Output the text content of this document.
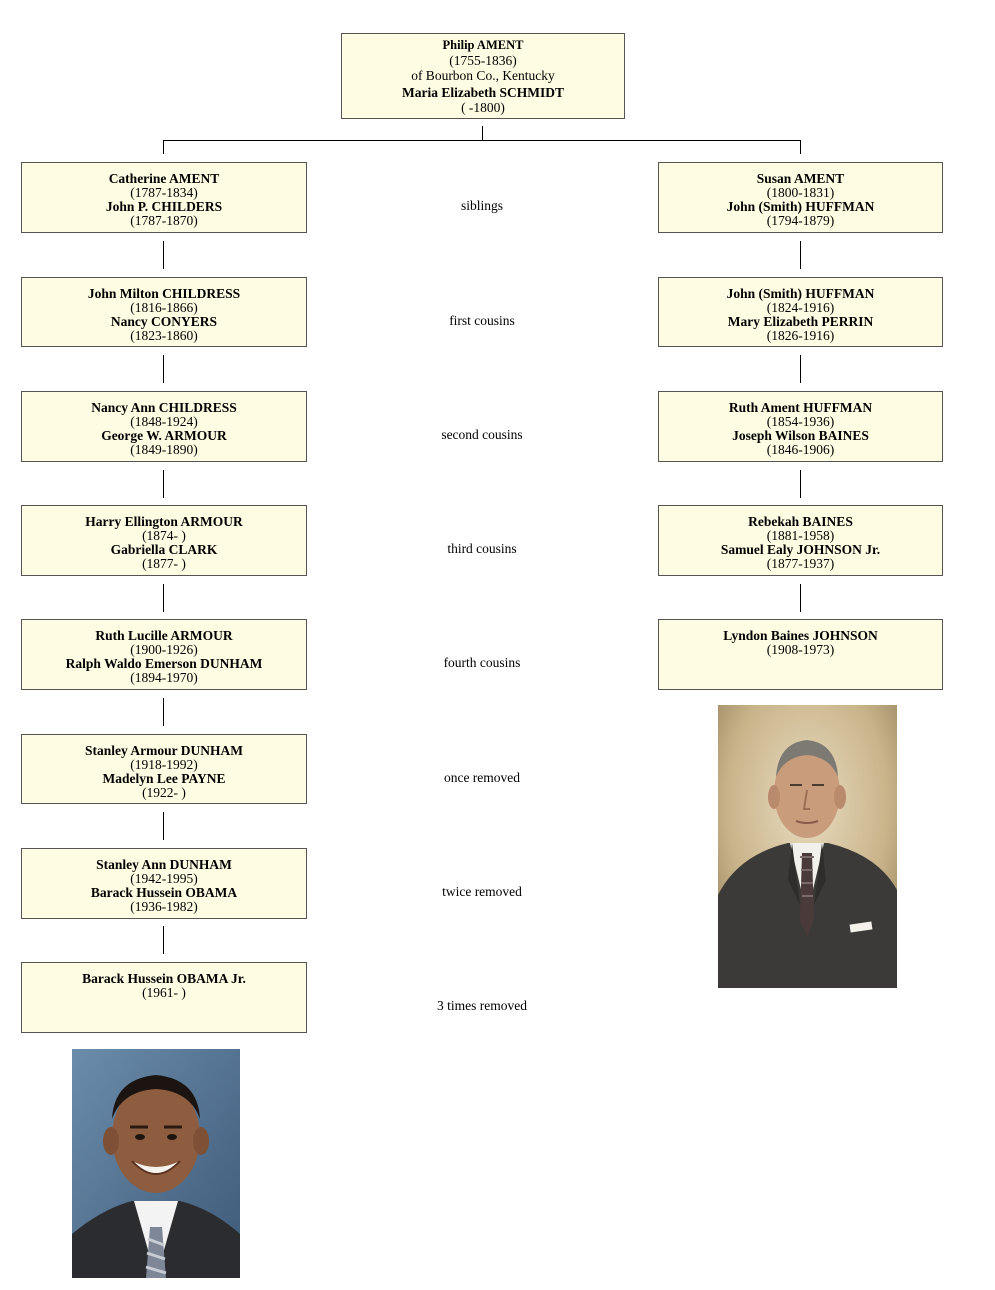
Philip AMENT
(1755-1836)
of Bourbon Co., Kentucky
Maria Elizabeth SCHMIDT
( -1800)
Catherine AMENT
(1787-1834)
John P. CHILDERS
(1787-1870)
John Milton CHILDRESS
(1816-1866)
Nancy CONYERS
(1823-1860)
Nancy Ann CHILDRESS
(1848-1924)
George W. ARMOUR
(1849-1890)
Harry Ellington ARMOUR
(1874- )
Gabriella CLARK
(1877- )
Ruth Lucille ARMOUR
(1900-1926)
Ralph Waldo Emerson DUNHAM
(1894-1970)
Stanley Armour DUNHAM
(1918-1992)
Madelyn Lee PAYNE
(1922- )
Stanley Ann DUNHAM
(1942-1995)
Barack Hussein OBAMA
(1936-1982)
Barack Hussein OBAMA Jr.
(1961- )
Susan AMENT
(1800-1831)
John (Smith) HUFFMAN
(1794-1879)
John (Smith) HUFFMAN
(1824-1916)
Mary Elizabeth PERRIN
(1826-1916)
Ruth Ament HUFFMAN
(1854-1936)
Joseph Wilson BAINES
(1846-1906)
Rebekah BAINES
(1881-1958)
Samuel Ealy JOHNSON Jr.
(1877-1937)
Lyndon Baines JOHNSON
(1908-1973)
siblings
first cousins
second cousins
third cousins
fourth cousins
once removed
twice removed
3 times removed
